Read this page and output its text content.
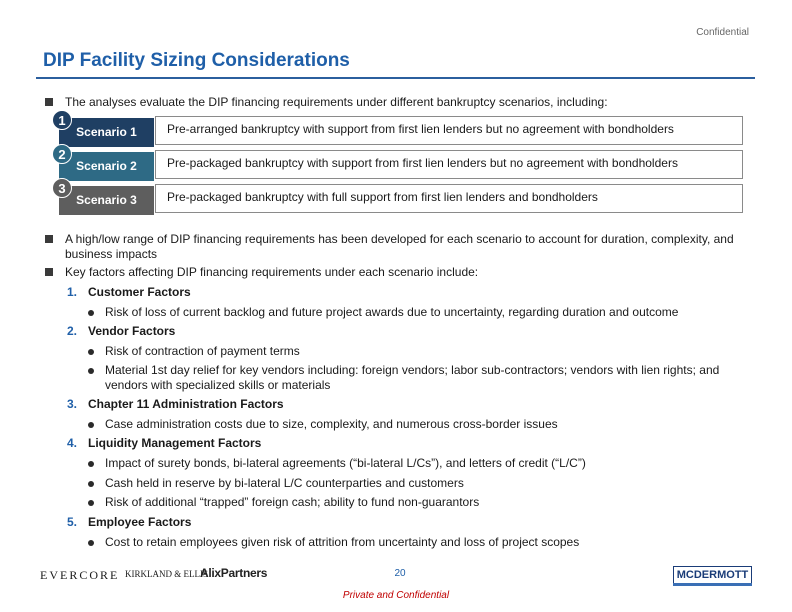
Confidential
DIP Facility Sizing Considerations
The analyses evaluate the DIP financing requirements under different bankruptcy scenarios, including:
Scenario 1	Pre-arranged bankruptcy with support from first lien lenders but no agreement with bondholders
1
Scenario 2	Pre-packaged bankruptcy with support from first lien lenders but no agreement with bondholders
2
Scenario 3	Pre-packaged bankruptcy with full support from first lien lenders and bondholders
3
A high/low range of DIP financing requirements has been developed for each scenario to account for duration, complexity, and
business impacts
Key factors affecting DIP financing requirements under each scenario include:
1. Customer Factors
Risk of loss of current backlog and future project awards due to uncertainty, regarding duration and outcome
2. Vendor Factors
Risk of contraction of payment terms
Material 1st day relief for key vendors including: foreign vendors; labor sub-contractors; vendors with lien rights; and vendors with specialized skills or materials
3. Chapter 11 Administration Factors
Case administration costs due to size, complexity, and numerous cross-border issues
4. Liquidity Management Factors
Impact of surety bonds, bi-lateral agreements (“bi-lateral L/Cs”), and letters of credit (“L/C”)
Cash held in reserve by bi-lateral L/C counterparties and customers
Risk of additional “trapped” foreign cash; ability to fund non-guarantors
5. Employee Factors
Cost to retain employees given risk of attrition from uncertainty and loss of project scopes
EVERCORE KIRKLAND & ELLIS
AlixPartners	20	MCDERMOTT
Private and Confidential
